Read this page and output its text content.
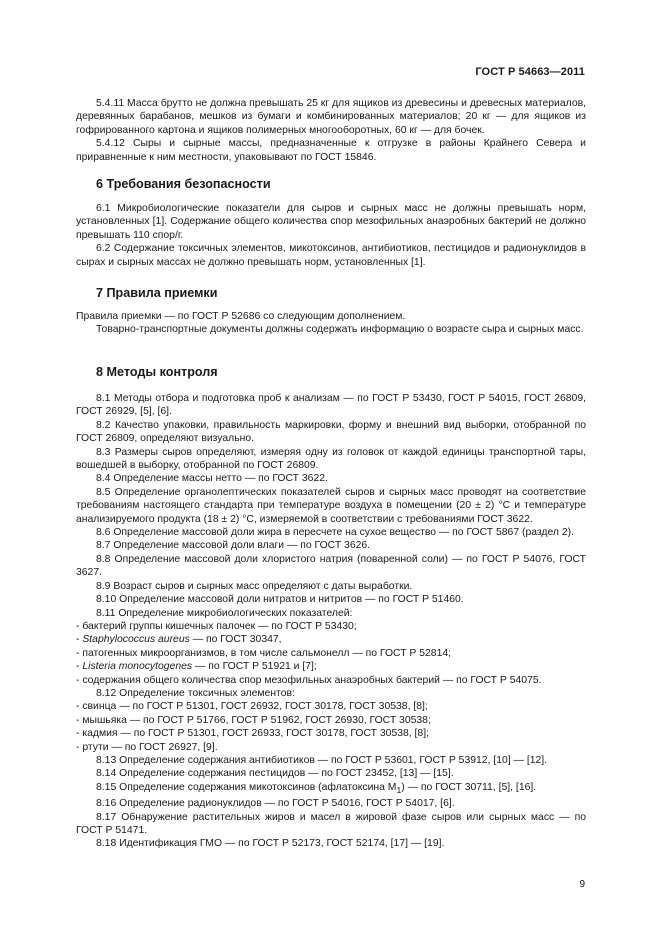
ГОСТ Р 54663—2011

5.4.11 Масса брутто не должна превышать 25 кг для ящиков из древесины и древесных материалов, деревянных барабанов, мешков из бумаги и комбинированных материалов; 20 кг — для ящиков из гофрированного картона и ящиков полимерных многооборотных, 60 кг — для бочек.

5.4.12 Сыры и сырные массы, предназначенные к отгрузке в районы Крайнего Севера и приравненные к ним местности, упаковывают по ГОСТ 15846.

6 Требования безопасности

6.1 Микробиологические показатели для сыров и сырных масс не должны превышать норм, установленных [1]. Содержание общего количества спор мезофильных анаэробных бактерий не должно превышать 110 спор/г.

6.2 Содержание токсичных элементов, микотоксинов, антибиотиков, пестицидов и радионуклидов в сырах и сырных массах не должно превышать норм, установленных [1].

7 Правила приемки

Правила приемки — по ГОСТ Р 52686 со следующим дополнением.

Товарно-транспортные документы должны содержать информацию о возрасте сыра и сырных масс.

8 Методы контроля

8.1 Методы отбора и подготовка проб к анализам — по ГОСТ Р 53430, ГОСТ Р 54015, ГОСТ 26809, ГОСТ 26929, [5], [6].

8.2 Качество упаковки, правильность маркировки, форму и внешний вид выборки, отобранной по ГОСТ 26809, определяют визуально.

8.3 Размеры сыров определяют, измеряя одну из головок от каждой единицы транспортной тары, вошедшей в выборку, отобранной по ГОСТ 26809.

8.4 Определение массы нетто — по ГОСТ 3622.

8.5 Определение органолептических показателей сыров и сырных масс проводят на соответствие требованиям настоящего стандарта при температуре воздуха в помещении (20 ± 2) °С и температуре анализируемого продукта (18 ± 2) °С, измеряемой в соответствии с требованиями ГОСТ 3622.

8.6 Определение массовой доли жира в пересчете на сухое вещество — по ГОСТ 5867 (раздел 2).

8.7 Определение массовой доли влаги — по ГОСТ 3626.

8.8 Определение массовой доли хлористого натрия (поваренной соли) — по ГОСТ Р 54076, ГОСТ 3627.

8.9 Возраст сыров и сырных масс определяют с даты выработки.

8.10 Определение массовой доли нитратов и нитритов — по ГОСТ Р 51460.

8.11 Определение микробиологических показателей:

- бактерий группы кишечных палочек — по ГОСТ Р 53430;

- Staphylococcus aureus — по ГОСТ 30347,

- патогенных микроорганизмов, в том числе сальмонелл — по ГОСТ Р 52814;

- Listeria monocytogenes — по ГОСТ Р 51921 и [7];

- содержания общего количества спор мезофильных анаэробных бактерий — по ГОСТ Р 54075.

8.12 Определение токсичных элементов:

- свинца — по ГОСТ Р 51301, ГОСТ 26932, ГОСТ 30178, ГОСТ 30538, [8];

- мышьяка — по ГОСТ Р 51766, ГОСТ Р 51962, ГОСТ 26930, ГОСТ 30538;

- кадмия — по ГОСТ Р 51301, ГОСТ 26933, ГОСТ 30178, ГОСТ 30538, [8];

- ртути — по ГОСТ 26927, [9].

8.13 Определение содержания антибиотиков — по ГОСТ Р 53601, ГОСТ Р 53912, [10] — [12].

8.14 Определение содержания пестицидов — по ГОСТ 23452, [13] — [15].

8.15 Определение содержания микотоксинов (афлатоксина $М_1$) — по ГОСТ 30711, [5], [16].

8.16 Определение радионуклидов — по ГОСТ Р 54016, ГОСТ Р 54017, [6].

8.17 Обнаружение растительных жиров и масел в жировой фазе сыров или сырных масс — по ГОСТ Р 51471.

8.18 Идентификация ГМО — по ГОСТ Р 52173, ГОСТ 52174, [17] — [19].

9
